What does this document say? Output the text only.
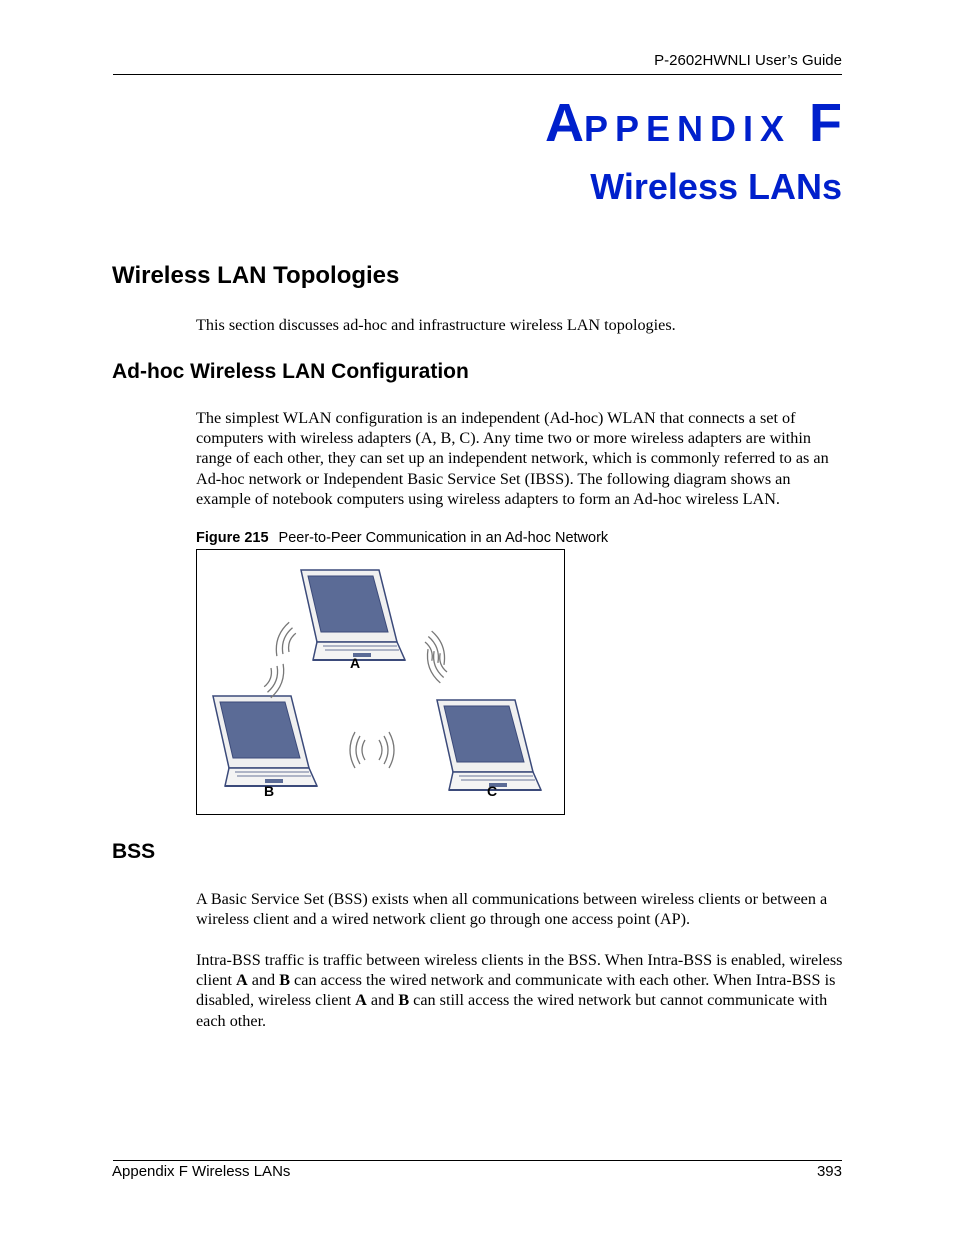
P-2602HWNLI User’s Guide
APPENDIX F
Wireless LANs
Wireless LAN Topologies
This section discusses ad-hoc and infrastructure wireless LAN topologies.
Ad-hoc Wireless LAN Configuration
The simplest WLAN configuration is an independent (Ad-hoc) WLAN that connects a set of computers with wireless adapters (A, B, C). Any time two or more wireless adapters are within range of each other, they can set up an independent network, which is commonly referred to as an Ad-hoc network or Independent Basic Service Set (IBSS). The following diagram shows an example of notebook computers using wireless adapters to form an Ad-hoc wireless LAN.
Figure 215 Peer-to-Peer Communication in an Ad-hoc Network
A
B	C
BSS
A Basic Service Set (BSS) exists when all communications between wireless clients or between a wireless client and a wired network client go through one access point (AP).
Intra-BSS traffic is traffic between wireless clients in the BSS. When Intra-BSS is enabled, wireless client A and B can access the wired network and communicate with each other. When Intra-BSS is disabled, wireless client A and B can still access the wired network but cannot communicate with each other.
Appendix F Wireless LANs	393
